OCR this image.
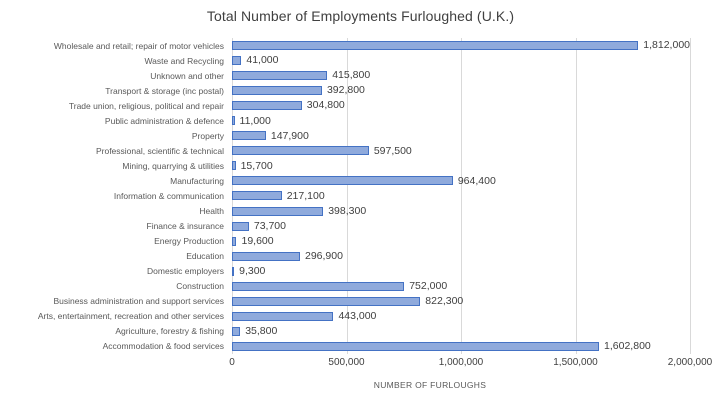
Total Number of Employments Furloughed (U.K.)
Wholesale and retail; repair of motor vehicles
Waste and Recycling
Unknown and other
Transport & storage (inc postal)
Trade union, religious, political and repair
Public administration & defence
Property
Professional, scientific & technical
Mining, quarrying & utilities
Manufacturing
Information & communication
Health
Finance & insurance
Energy Production
Education
Domestic employers
Construction
Business administration and support services
Arts, entertainment, recreation and other services
Agriculture, forestry & fishing
Accommodation & food services
1,812,000
41,000
415,800
392,800
304,800
11,000
147,900
597,500
15,700
964,400
217,100
398,300
73,700
19,600
296,900
9,300
752,000
822,300
443,000
35,800
1,602,800
0	500,000	1,000,000	1,500,000	2,000,000
NUMBER OF FURLOUGHS
